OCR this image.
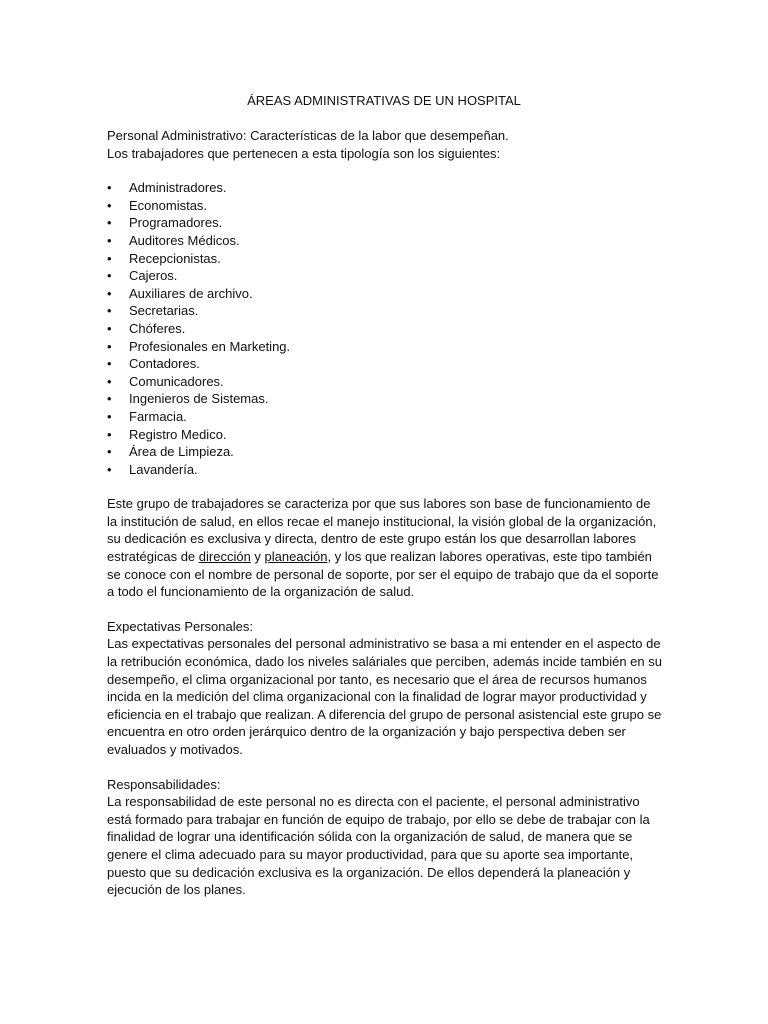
ÁREAS ADMINISTRATIVAS DE UN HOSPITAL

Personal Administrativo: Características de la labor que desempeñan.

Los trabajadores que pertenecen a esta tipología son los siguientes:

• Administradores.
• Economistas.
• Programadores.
• Auditores Médicos.
• Recepcionistas.
• Cajeros.
• Auxiliares de archivo.
• Secretarias.
• Chóferes.
• Profesionales en Marketing.
• Contadores.
• Comunicadores.
• Ingenieros de Sistemas.
• Farmacia.
• Registro Medico.
• Área de Limpieza.
• Lavandería.

Este grupo de trabajadores se caracteriza por que sus labores son base de funcionamiento de la institución de salud, en ellos recae el manejo institucional, la visión global de la organización, su dedicación es exclusiva y directa, dentro de este grupo están los que desarrollan labores estratégicas de dirección y planeación, y los que realizan labores operativas, este tipo también se conoce con el nombre de personal de soporte, por ser el equipo de trabajo que da el soporte a todo el funcionamiento de la organización de salud.

Expectativas Personales:

Las expectativas personales del personal administrativo se basa a mi entender en el aspecto de la retribución económica, dado los niveles saláriales que perciben, además incide también en su desempeño, el clima organizacional por tanto, es necesario que el área de recursos humanos incida en la medición del clima organizacional con la finalidad de lograr mayor productividad y eficiencia en el trabajo que realizan. A diferencia del grupo de personal asistencial este grupo se encuentra en otro orden jerárquico dentro de la organización y bajo perspectiva deben ser evaluados y motivados.

Responsabilidades:

La responsabilidad de este personal no es directa con el paciente, el personal administrativo está formado para trabajar en función de equipo de trabajo, por ello se debe de trabajar con la finalidad de lograr una identificación sólida con la organización de salud, de manera que se genere el clima adecuado para su mayor productividad, para que su aporte sea importante, puesto que su dedicación exclusiva es la organización. De ellos dependerá la planeación y ejecución de los planes.
